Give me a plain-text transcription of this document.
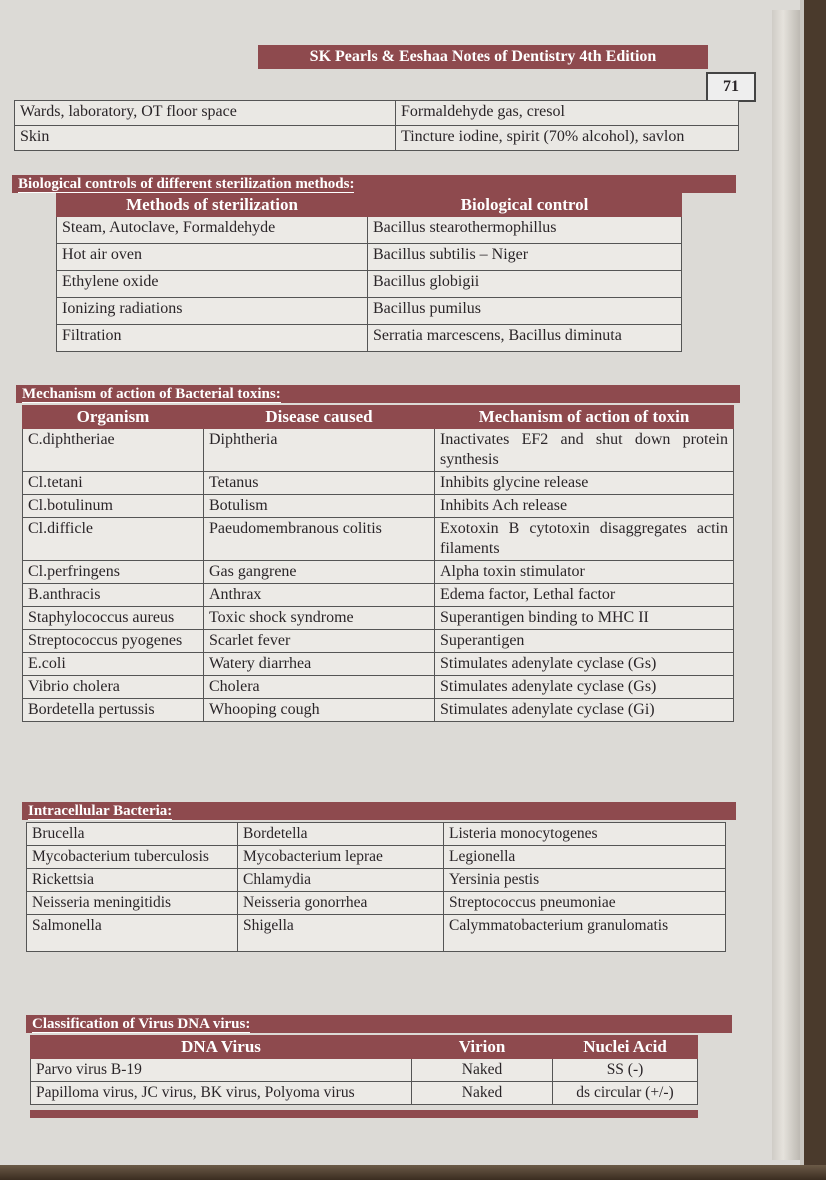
SK Pearls & Eeshaa Notes of Dentistry 4th Edition
71
Wards, laboratory, OT floor space	Formaldehyde gas, cresol
Skin	Tincture iodine, spirit (70% alcohol), savlon
Biological controls of different sterilization methods:
Methods of sterilization	Biological control
Steam, Autoclave, Formaldehyde	Bacillus stearothermophillus
Hot air oven	Bacillus subtilis – Niger
Ethylene oxide	Bacillus globigii
Ionizing radiations	Bacillus pumilus
Filtration	Serratia marcescens, Bacillus diminuta
Mechanism of action of Bacterial toxins:
Organism	Disease caused	Mechanism of action of toxin
C.diphtheriae	Diphtheria	Inactivates EF2 and shut down protein synthesis
Cl.tetani	Tetanus	Inhibits glycine release
Cl.botulinum	Botulism	Inhibits Ach release
Cl.difficle	Paeudomembranous colitis	Exotoxin B cytotoxin disaggregates actin filaments
Cl.perfringens	Gas gangrene	Alpha toxin stimulator
B.anthracis	Anthrax	Edema factor, Lethal factor
Staphylococcus aureus	Toxic shock syndrome	Superantigen binding to MHC II
Streptococcus pyogenes	Scarlet fever	Superantigen
E.coli	Watery diarrhea	Stimulates adenylate cyclase (Gs)
Vibrio cholera	Cholera	Stimulates adenylate cyclase (Gs)
Bordetella pertussis	Whooping cough	Stimulates adenylate cyclase (Gi)
Intracellular Bacteria:
Brucella	Bordetella	Listeria monocytogenes
Mycobacterium tuberculosis	Mycobacterium leprae	Legionella
Rickettsia	Chlamydia	Yersinia pestis
Neisseria meningitidis	Neisseria gonorrhea	Streptococcus pneumoniae
Salmonella	Shigella	Calymmatobacterium granulomatis
Classification of Virus DNA virus:
DNA Virus	Virion	Nuclei Acid
Parvo virus B-19	Naked	SS (-)
Papilloma virus, JC virus, BK virus, Polyoma virus	Naked	ds circular (+/-)
